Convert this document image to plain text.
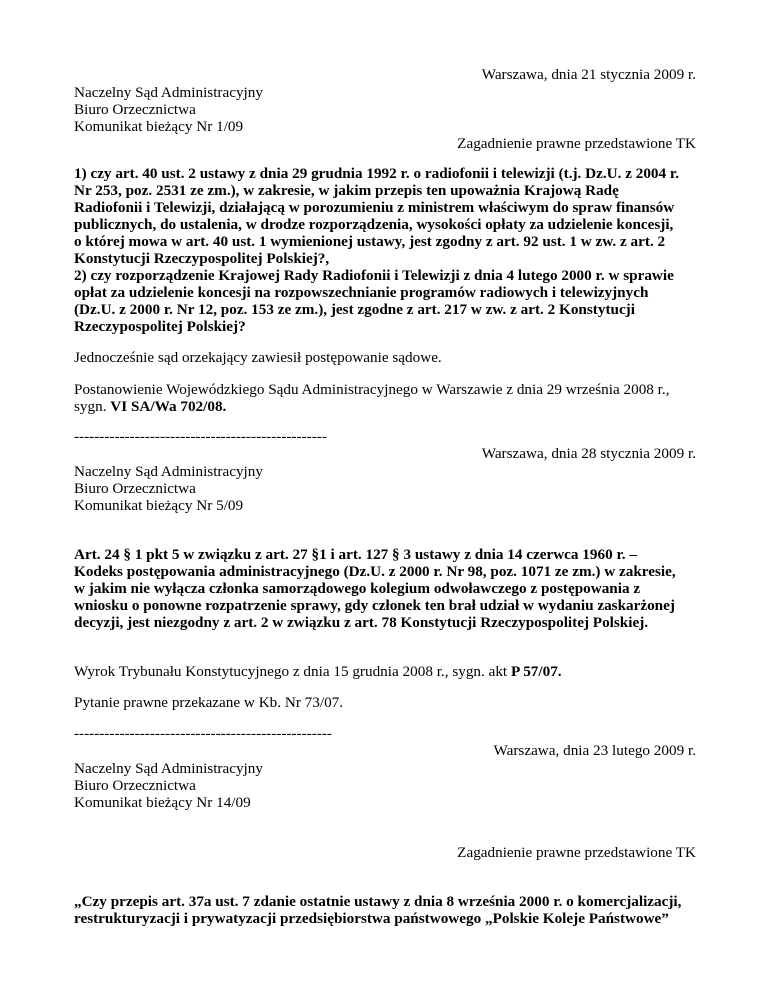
Warszawa, dnia 21 stycznia 2009 r.

Naczelny Sąd Administracyjny

Biuro Orzecznictwa

Komunikat bieżący Nr 1/09

Zagadnienie prawne przedstawione TK

1) czy art. 40 ust. 2 ustawy z dnia 29 grudnia 1992 r. o radiofonii i telewizji (t.j. Dz.U. z 2004 r.

Nr 253, poz. 2531 ze zm.), w zakresie, w jakim przepis ten upoważnia Krajową Radę

Radiofonii i Telewizji, działającą w porozumieniu z ministrem właściwym do spraw finansów

publicznych, do ustalenia, w drodze rozporządzenia, wysokości opłaty za udzielenie koncesji,

o której mowa w art. 40 ust. 1 wymienionej ustawy, jest zgodny z art. 92 ust. 1 w zw. z art. 2

Konstytucji Rzeczypospolitej Polskiej?,

2) czy rozporządzenie Krajowej Rady Radiofonii i Telewizji z dnia 4 lutego 2000 r. w sprawie

opłat za udzielenie koncesji na rozpowszechnianie programów radiowych i telewizyjnych

(Dz.U. z 2000 r. Nr 12, poz. 153 ze zm.), jest zgodne z art. 217 w zw. z art. 2 Konstytucji

Rzeczypospolitej Polskiej?

Jednocześnie sąd orzekający zawiesił postępowanie sądowe.

Postanowienie Wojewódzkiego Sądu Administracyjnego w Warszawie z dnia 29 września 2008 r.,

sygn. VI SA/Wa 702/08.

--------------------------------------------------

Warszawa, dnia 28 stycznia 2009 r.

Naczelny Sąd Administracyjny

Biuro Orzecznictwa

Komunikat bieżący Nr 5/09

Art. 24 § 1 pkt 5 w związku z art. 27 §1 i art. 127 § 3 ustawy z dnia 14 czerwca 1960 r. –

Kodeks postępowania administracyjnego (Dz.U. z 2000 r. Nr 98, poz. 1071 ze zm.) w zakresie,

w jakim nie wyłącza członka samorządowego kolegium odwoławczego z postępowania z

wniosku o ponowne rozpatrzenie sprawy, gdy członek ten brał udział w wydaniu zaskarżonej

decyzji, jest niezgodny z art. 2 w związku z art. 78 Konstytucji Rzeczypospolitej Polskiej.

Wyrok Trybunału Konstytucyjnego z dnia 15 grudnia 2008 r., sygn. akt P 57/07.

Pytanie prawne przekazane w Kb. Nr 73/07.

---------------------------------------------------

Warszawa, dnia 23 lutego 2009 r.

Naczelny Sąd Administracyjny

Biuro Orzecznictwa

Komunikat bieżący Nr 14/09

Zagadnienie prawne przedstawione TK

„Czy przepis art. 37a ust. 7 zdanie ostatnie ustawy z dnia 8 września 2000 r. o komercjalizacji,

restrukturyzacji i prywatyzacji przedsiębiorstwa państwowego „Polskie Koleje Państwowe”
